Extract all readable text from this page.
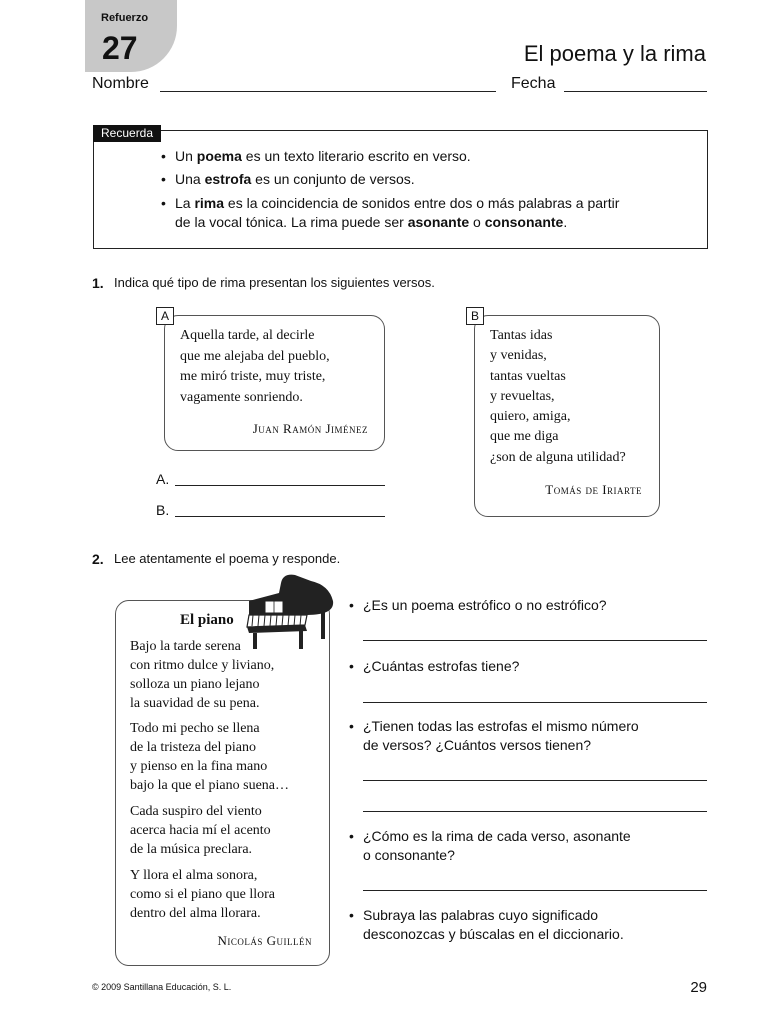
Refuerzo
27	El poema y la rima
Nombre	Fecha
Recuerda
• Un poema es un texto literario escrito en verso.
• Una estrofa es un conjunto de versos.
• La rima es la coincidencia de sonidos entre dos o más palabras a partir
de la vocal tónica. La rima puede ser asonante o consonante.
1. Indica qué tipo de rima presentan los siguientes versos.
A

Aquella tarde, al decirle

que me alejaba del pueblo,

me miró triste, muy triste,

vagamente sonriendo.

Juan Ramón Jiménez
B

Tantas idas

y venidas,

tantas vueltas

y revueltas,

quiero, amiga,

que me diga

¿son de alguna utilidad?

Tomás de Iriarte
A.
B.
2. Lee atentamente el poema y responde.
El piano

Bajo la tarde serena

con ritmo dulce y liviano,

solloza un piano lejano

la suavidad de su pena.

Todo mi pecho se llena

de la tristeza del piano

y pienso en la fina mano

bajo la que el piano suena…

Cada suspiro del viento

acerca hacia mí el acento

de la música preclara.

Y llora el alma sonora,

como si el piano que llora

dentro del alma llorara.

Nicolás Guillén
• ¿Es un poema estrófico o no estrófico?
• ¿Cuántas estrofas tiene?
• ¿Tienen todas las estrofas el mismo número
de versos? ¿Cuántos versos tienen?
• ¿Cómo es la rima de cada verso, asonante
o consonante?
• Subraya las palabras cuyo significado
desconozcas y búscalas en el diccionario.
© 2009 Santillana Educación, S. L.	29
